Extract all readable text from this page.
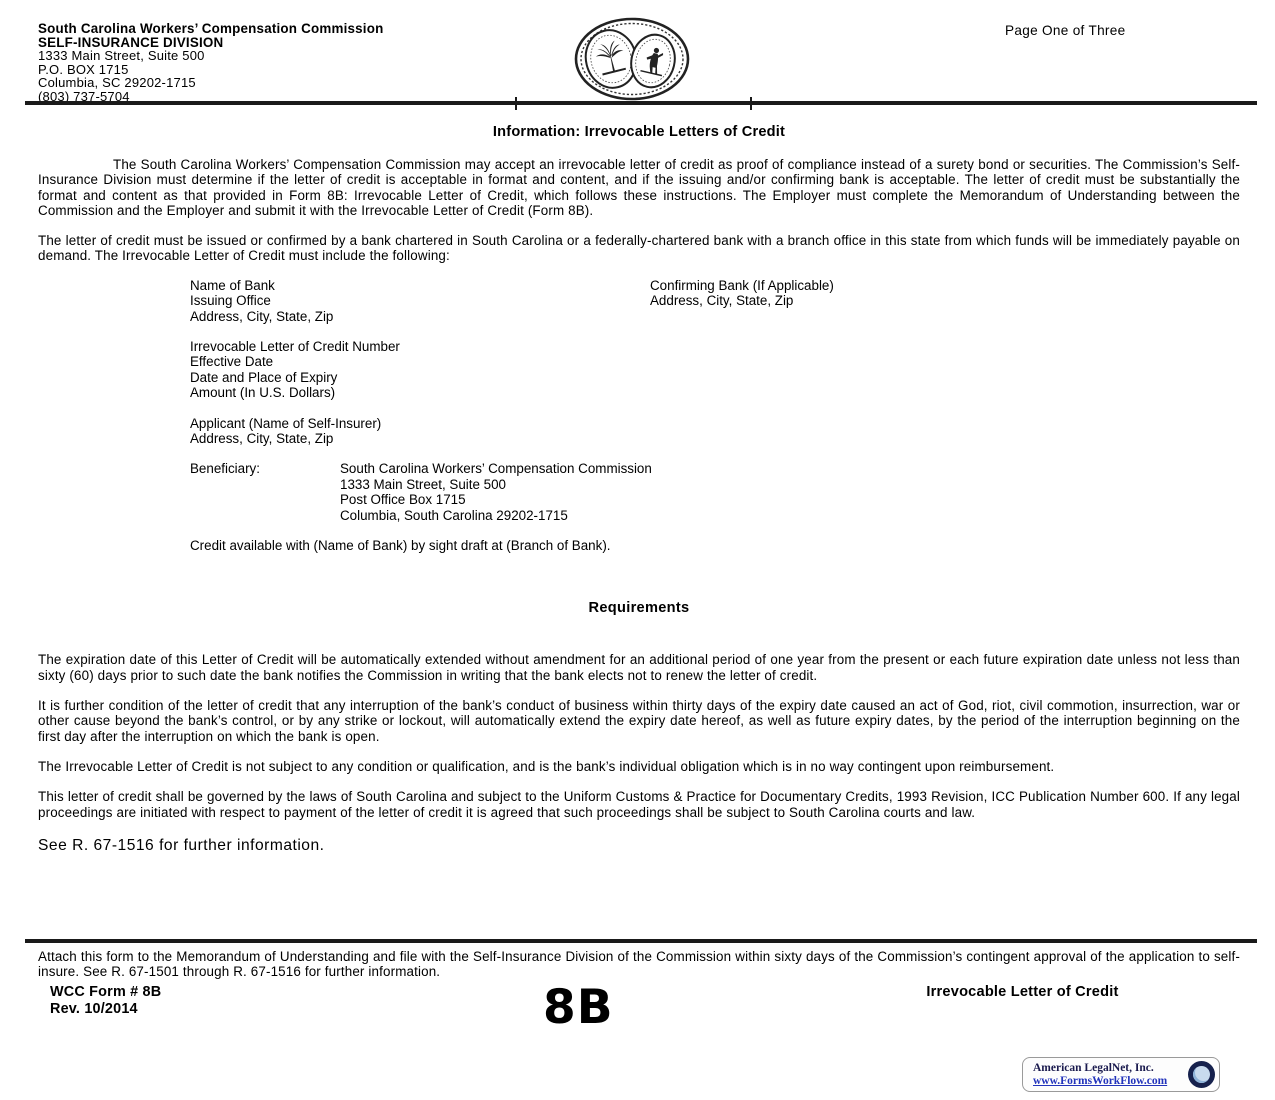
South Carolina Workers’ Compensation Commission
SELF-INSURANCE DIVISION
1333 Main Street, Suite 500
P.O. BOX 1715
Columbia, SC 29202-1715
(803) 737-5704
Page One of Three
Information: Irrevocable Letters of Credit
The South Carolina Workers’ Compensation Commission may accept an irrevocable letter of credit as proof of compliance instead of a surety bond or securities. The Commission’s Self-Insurance Division must determine if the letter of credit is acceptable in format and content, and if the issuing and/or confirming bank is acceptable. The letter of credit must be substantially the format and content as that provided in Form 8B: Irrevocable Letter of Credit, which follows these instructions. The Employer must complete the Memorandum of Understanding between the Commission and the Employer and submit it with the Irrevocable Letter of Credit (Form 8B).
The letter of credit must be issued or confirmed by a bank chartered in South Carolina or a federally-chartered bank with a branch office in this state from which funds will be immediately payable on demand. The Irrevocable Letter of Credit must include the following:
Name of Bank
Issuing Office
Address, City, State, Zip
Confirming Bank (If Applicable)
Address, City, State, Zip
Irrevocable Letter of Credit Number
Effective Date
Date and Place of Expiry
Amount (In U.S. Dollars)
Applicant (Name of Self-Insurer)
Address, City, State, Zip
Beneficiary:	South Carolina Workers’ Compensation Commission
1333 Main Street, Suite 500
Post Office Box 1715
Columbia, South Carolina 29202-1715
Credit available with (Name of Bank) by sight draft at (Branch of Bank).
Requirements
The expiration date of this Letter of Credit will be automatically extended without amendment for an additional period of one year from the present or each future expiration date unless not less than sixty (60) days prior to such date the bank notifies the Commission in writing that the bank elects not to renew the letter of credit.
It is further condition of the letter of credit that any interruption of the bank’s conduct of business within thirty days of the expiry date caused an act of God, riot, civil commotion, insurrection, war or other cause beyond the bank’s control, or by any strike or lockout, will automatically extend the expiry date hereof, as well as future expiry dates, by the period of the interruption beginning on the first day after the interruption on which the bank is open.
The Irrevocable Letter of Credit is not subject to any condition or qualification, and is the bank’s individual obligation which is in no way contingent upon reimbursement.
This letter of credit shall be governed by the laws of South Carolina and subject to the Uniform Customs & Practice for Documentary Credits, 1993 Revision, ICC Publication Number 600. If any legal proceedings are initiated with respect to payment of the letter of credit it is agreed that such proceedings shall be subject to South Carolina courts and law.
See R. 67-1516 for further information.
Attach this form to the Memorandum of Understanding and file with the Self-Insurance Division of the Commission within sixty days of the Commission’s contingent approval of the application to self-insure. See R. 67-1501 through R. 67-1516 for further information.
WCC Form # 8B
Rev. 10/2014	8B	Irrevocable Letter of Credit
American LegalNet, Inc.
www.FormsWorkFlow.com
